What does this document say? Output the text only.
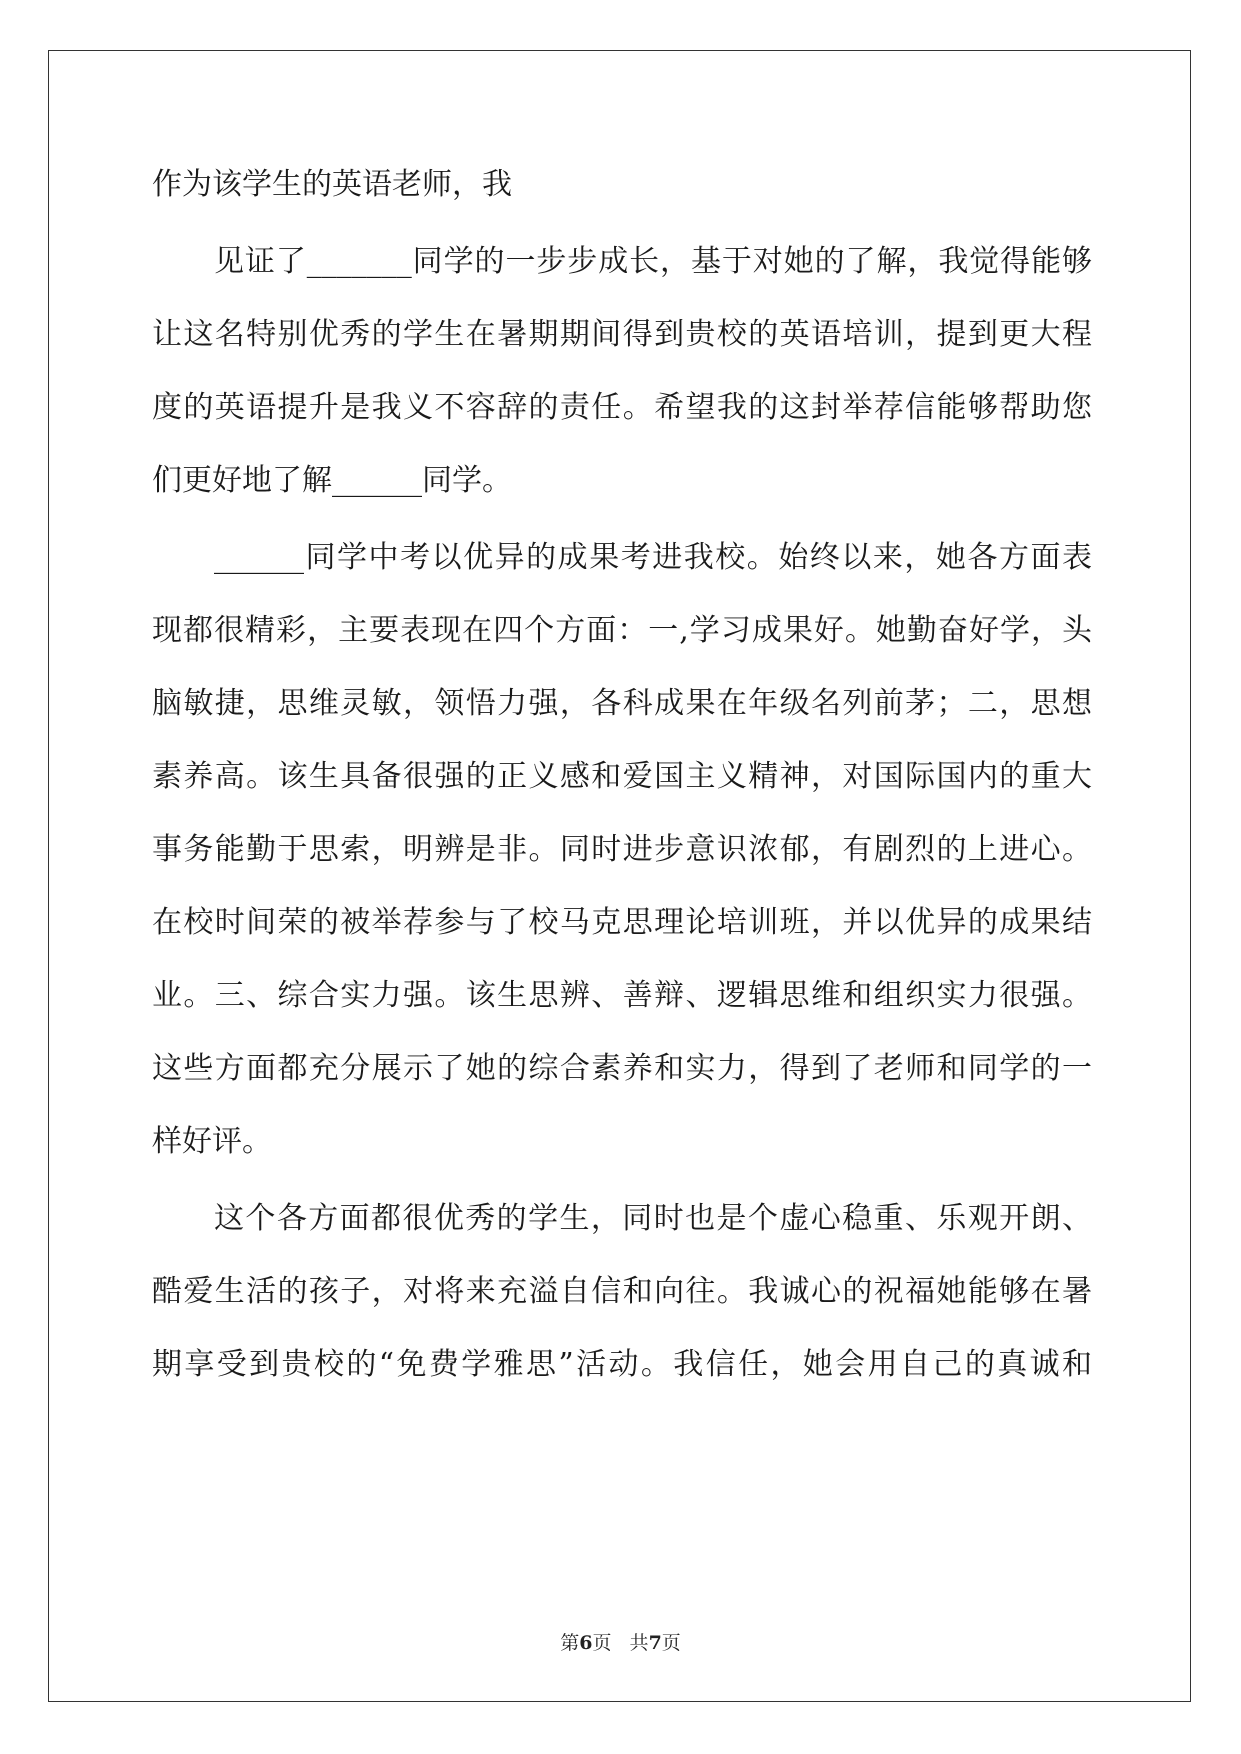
作为该学生的英语老师，我
见证了_______同学的一步步成长，基于对她的了解，我觉得能够
让这名特别优秀的学生在暑期期间得到贵校的英语培训，提到更大程
度的英语提升是我义不容辞的责任。希望我的这封举荐信能够帮助您
们更好地了解______同学。
______同学中考以优异的成果考进我校。始终以来，她各方面表
现都很精彩，主要表现在四个方面：一,学习成果好。她勤奋好学，头
脑敏捷，思维灵敏，领悟力强，各科成果在年级名列前茅；二，思想
素养高。该生具备很强的正义感和爱国主义精神，对国际国内的重大
事务能勤于思索，明辨是非。同时进步意识浓郁，有剧烈的上进心。
在校时间荣的被举荐参与了校马克思理论培训班，并以优异的成果结
业。三、综合实力强。该生思辨、善辩、逻辑思维和组织实力很强。
这些方面都充分展示了她的综合素养和实力，得到了老师和同学的一
样好评。
这个各方面都很优秀的学生，同时也是个虚心稳重、乐观开朗、
酷爱生活的孩子，对将来充溢自信和向往。我诚心的祝福她能够在暑
期享受到贵校的“免费学雅思”活动。我信任，她会用自己的真诚和
第6页   共7页
